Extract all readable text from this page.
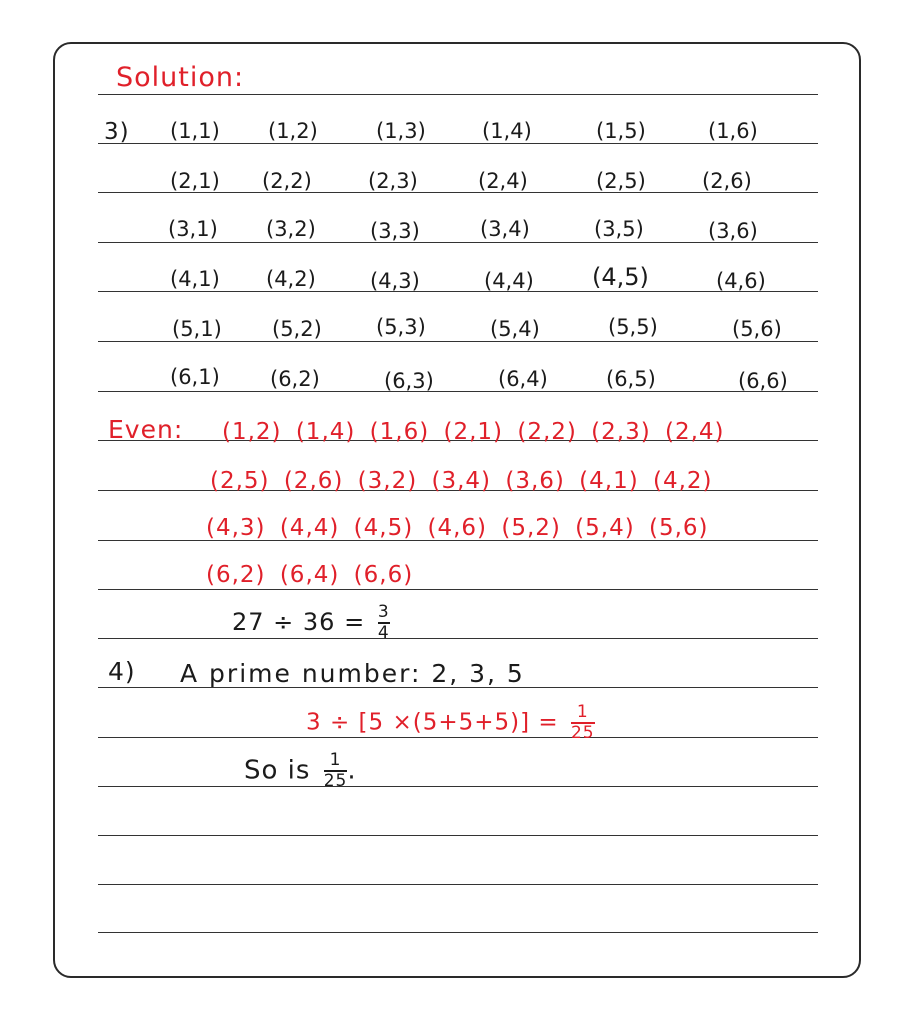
Solution:
3) (1,1) (1,2)	(1,3)	(1,4)	(1,5)	(1,6)
(2,1) (2,2)	(2,3)	(2,4)	(2,5)	(2,6)
(3,1) (3,2)	(3,3)	(3,4)	(3,5)	(3,6)
(4,1) (4,2)	(4,3)	(4,4) (4,5)	(4,6)
(5,1) (5,2)	(5,3)	(5,4)	(5,5)	(5,6)
(6,1) (6,2)	(6,3)	(6,4)	(6,5)	(6,6)
Even: (1,2) (1,4) (1,6) (2,1) (2,2) (2,3) (2,4)
(2,5) (2,6) (3,2) (3,4) (3,6) (4,1) (4,2)
(4,3) (4,4) (4,5) (4,6) (5,2) (5,4) (5,6)
(6,2) (6,4) (6,6)
$27 \div 36 = \frac{3}{4}$
4) A prime number: 2, 3, 5
$3 \div [5 \times(5+5+5)] = \frac{1}{25}$
So is $\frac{1}{25}$ .
